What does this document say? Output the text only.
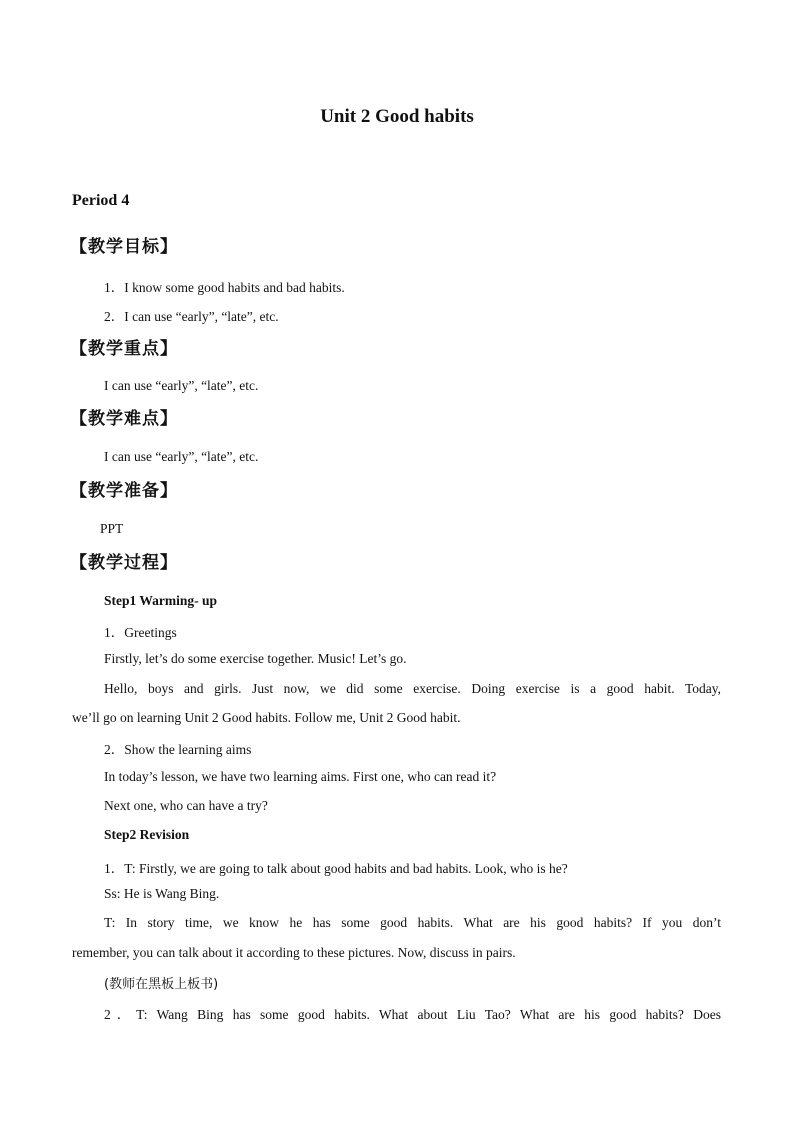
Unit 2 Good habits
Period 4
【教学目标】
1．I know some good habits and bad habits.
2．I can use “early”, “late”, etc.
【教学重点】
I can use “early”, “late”, etc.
【教学难点】
I can use “early”, “late”, etc.
【教学准备】
PPT
【教学过程】
Step1 Warming- up
1．Greetings
Firstly, let’s do some exercise together. Music! Let’s go.
Hello, boys and girls. Just now, we did some exercise. Doing exercise is a good habit. Today,
we’ll go on learning Unit 2 Good habits. Follow me, Unit 2 Good habit.
2．Show the learning aims
In today’s lesson, we have two learning aims. First one, who can read it?
Next one, who can have a try?
Step2 Revision
1．T: Firstly, we are going to talk about good habits and bad habits. Look, who is he?
Ss: He is Wang Bing.
T: In story time, we know he has some good habits. What are his good habits? If you don’t
remember, you can talk about it according to these pictures. Now, discuss in pairs.
(教师在黑板上板书)
2．T: Wang Bing has some good habits. What about Liu Tao? What are his good habits? Does
